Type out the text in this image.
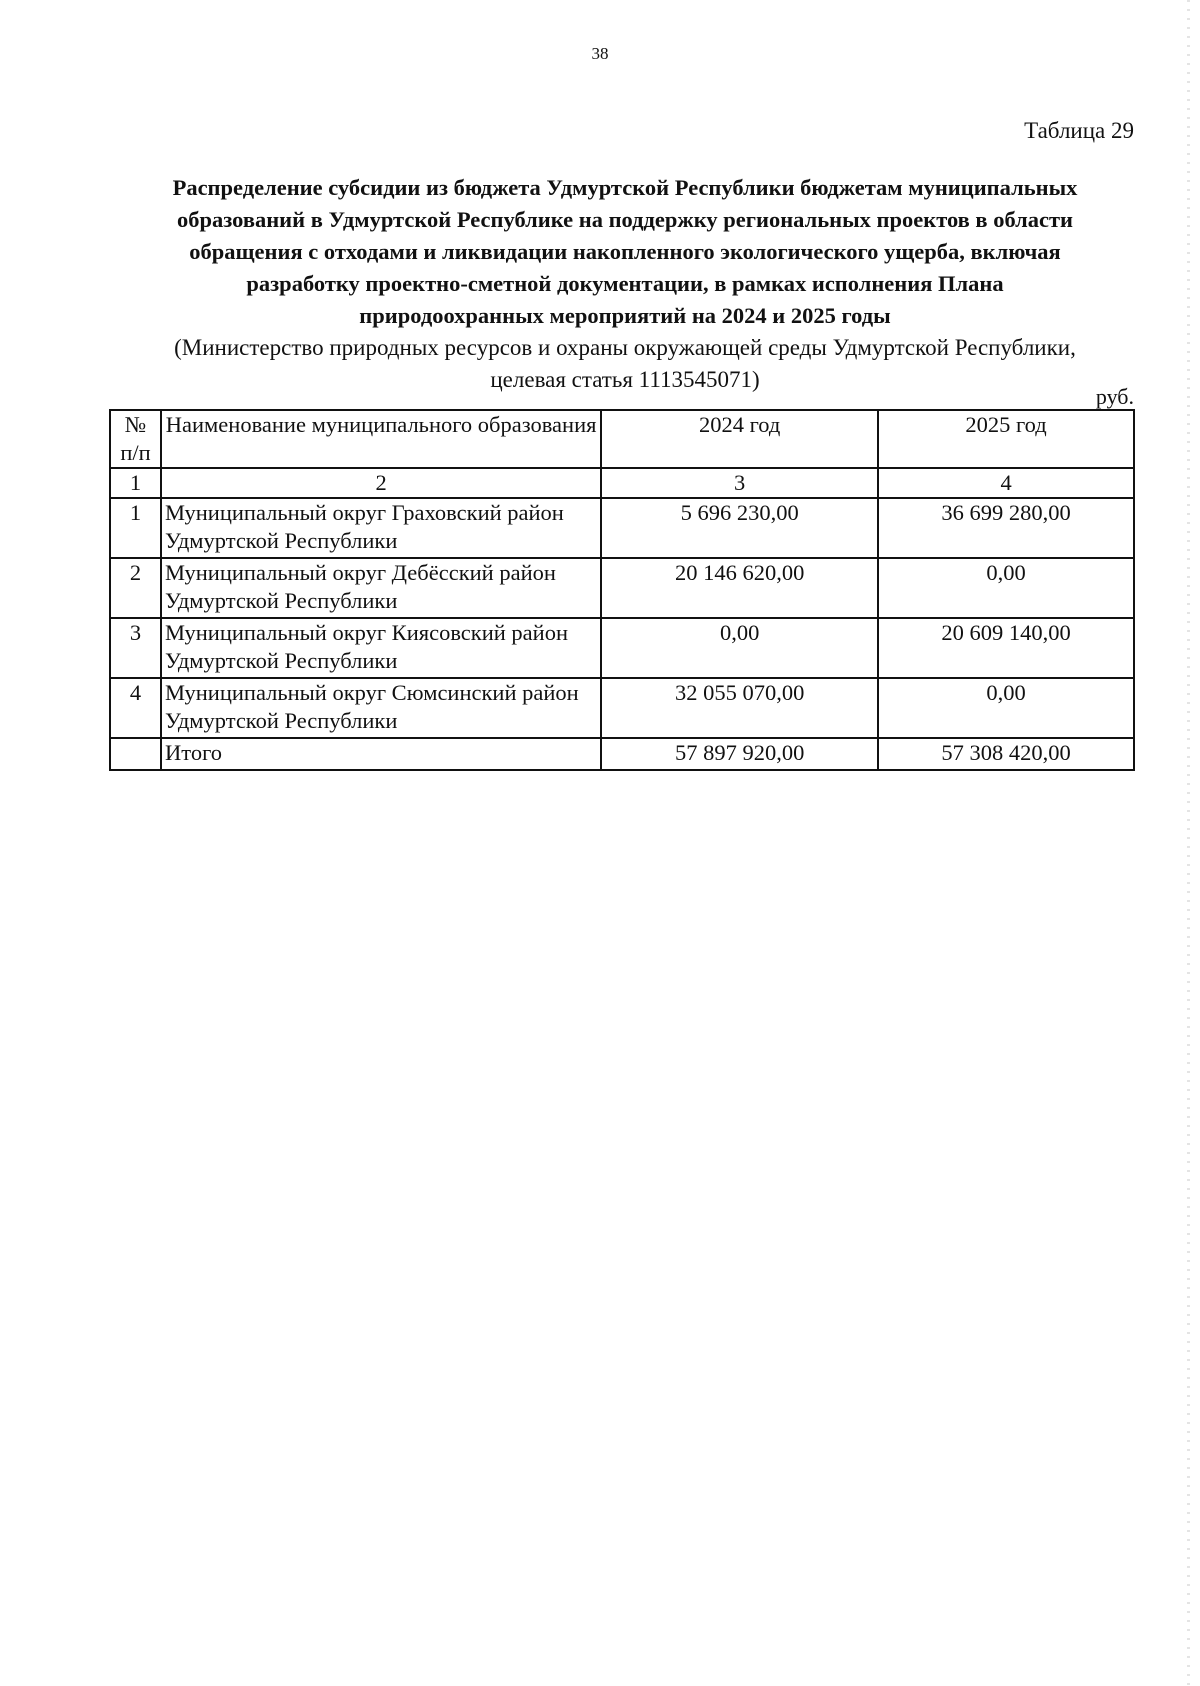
38
Таблица 29

Распределение субсидии из бюджета Удмуртской Республики бюджетам муниципальных

образований в Удмуртской Республике на поддержку региональных проектов в области

обращения с отходами и ликвидации накопленного экологического ущерба, включая

разработку проектно-сметной документации, в рамках исполнения Плана

природоохранных мероприятий на 2024 и 2025 годы

(Министерство природных ресурсов и охраны окружающей среды Удмуртской Республики,

целевая статья 1113545071)

руб.
№ п/п	Наименование муниципального образования	2024 год	2025 год
1	2	3	4
1	Муниципальный округ Граховский район Удмуртской Республики	5 696 230,00	36 699 280,00
2	Муниципальный округ Дебёсский район Удмуртской Республики	20 146 620,00	0,00
3	Муниципальный округ Киясовский район Удмуртской Республики	0,00	20 609 140,00
4	Муниципальный округ Сюмсинский район Удмуртской Республики	32 055 070,00	0,00
	Итого	57 897 920,00	57 308 420,00
